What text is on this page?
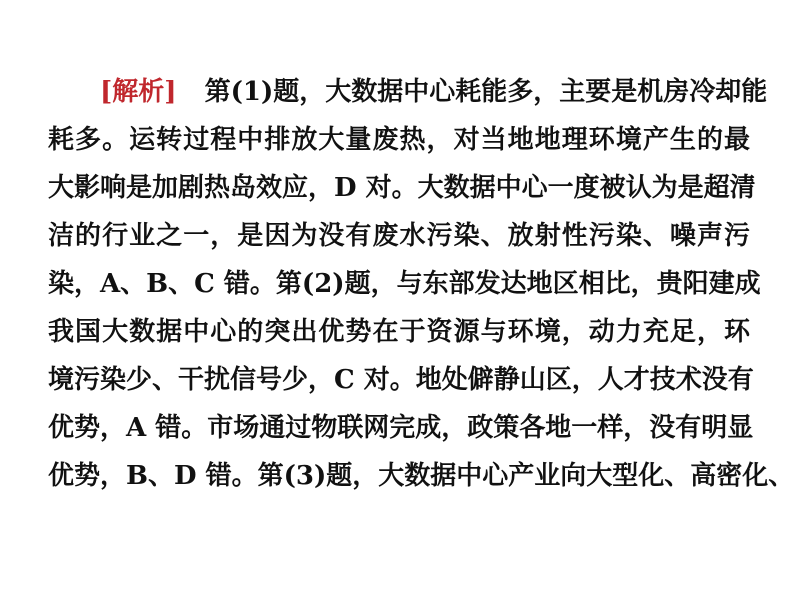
[解析] 第(1)题，大数据中心耗能多，主要是机房冷却能
耗多。运转过程中排放大量废热，对当地地理环境产生的最
大影响是加剧热岛效应，D 对。大数据中心一度被认为是超清
洁的行业之一，是因为没有废水污染、放射性污染、噪声污
染，A、B、C 错。第(2)题，与东部发达地区相比，贵阳建成
我国大数据中心的突出优势在于资源与环境，动力充足，环
境污染少、干扰信号少，C 对。地处僻静山区，人才技术没有
优势，A 错。市场通过物联网完成，政策各地一样，没有明显
优势，B、D 错。第(3)题，大数据中心产业向大型化、高密化、
